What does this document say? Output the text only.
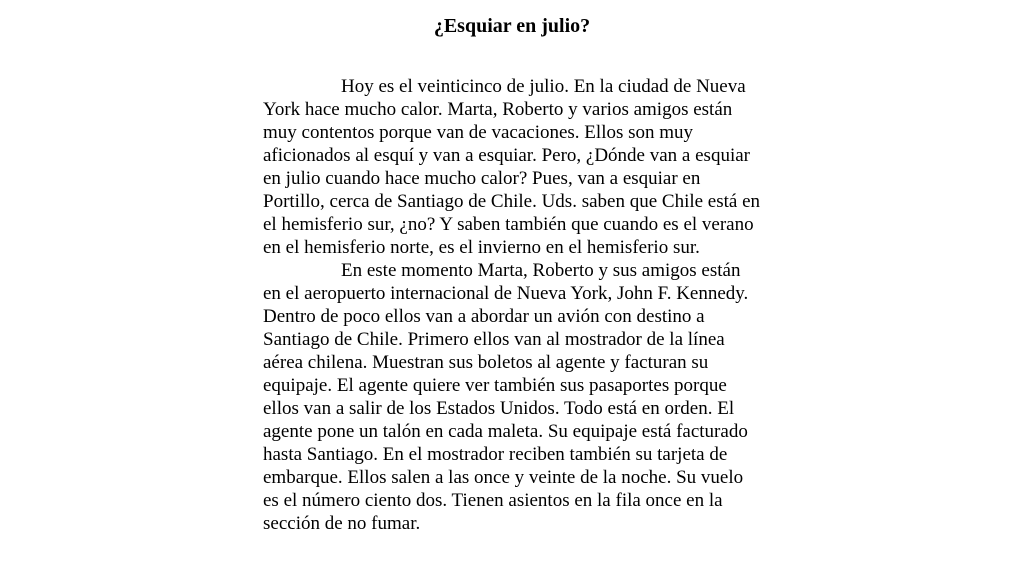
¿Esquiar en julio?

Hoy es el veinticinco de julio. En la ciudad de Nueva York hace mucho calor. Marta, Roberto y varios amigos están muy contentos porque van de vacaciones. Ellos son muy aficionados al esquí y van a esquiar. Pero, ¿Dónde van a esquiar en julio cuando hace mucho calor? Pues, van a esquiar en Portillo, cerca de Santiago de Chile. Uds. saben que Chile está en el hemisferio sur, ¿no? Y saben también que cuando es el verano en el hemisferio norte, es el invierno en el hemisferio sur.

En este momento Marta, Roberto y sus amigos están en el aeropuerto internacional de Nueva York, John F. Kennedy. Dentro de poco ellos van a abordar un avión con destino a Santiago de Chile. Primero ellos van al mostrador de la línea aérea chilena. Muestran sus boletos al agente y facturan su equipaje. El agente quiere ver también sus pasaportes porque ellos van a salir de los Estados Unidos. Todo está en orden. El agente pone un talón en cada maleta. Su equipaje está facturado hasta Santiago. En el mostrador reciben también su tarjeta de embarque. Ellos salen a las once y veinte de la noche. Su vuelo es el número ciento dos. Tienen asientos en la fila once en la sección de no fumar.
